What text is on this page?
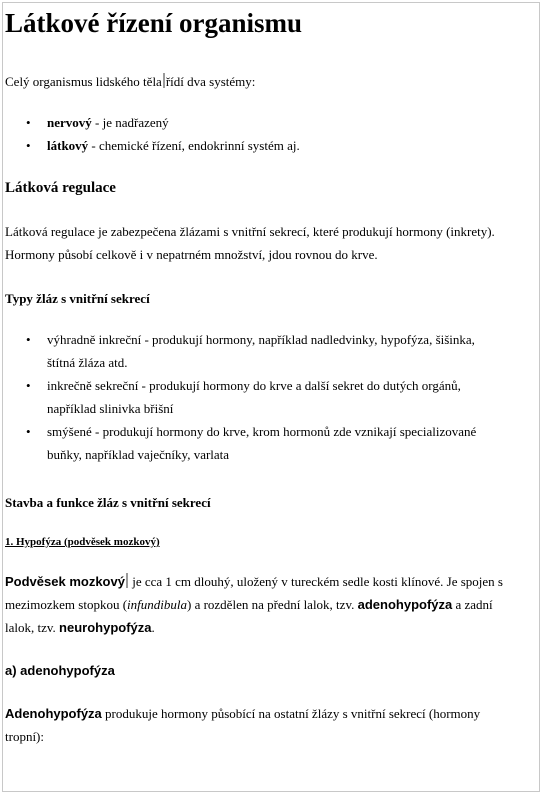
Látkové řízení organismu
Celý organismus lidského těla řídí dva systémy:
• nervový - je nadřazený
• látkový - chemické řízení, endokrinní systém aj.
Látková regulace
Látková regulace je zabezpečena žlázami s vnitřní sekrecí, které produkují hormony (inkrety).
Hormony působí celkově i v nepatrném množství, jdou rovnou do krve.
Typy žláz s vnitřní sekrecí
• výhradně inkreční - produkují hormony, například nadledvinky, hypofýza, šišinka,
štítná žláza atd.
• inkrečně sekreční - produkují hormony do krve a další sekret do dutých orgánů,
například slinivka břišní
• smýšené - produkují hormony do krve, krom hormonů zde vznikají specializované
buňky, například vaječníky, varlata
Stavba a funkce žláz s vnitřní sekrecí
1. Hypofýza (podvěsek mozkový)
Podvěsek mozkový je cca 1 cm dlouhý, uložený v tureckém sedle kosti klínové. Je spojen s
mezimozkem stopkou (infundibula) a rozdělen na přední lalok, tzv. adenohypofýza a zadní
lalok, tzv. neurohypofýza.
a) adenohypofýza
Adenohypofýza produkuje hormony působící na ostatní žlázy s vnitřní sekrecí (hormony
tropní):
